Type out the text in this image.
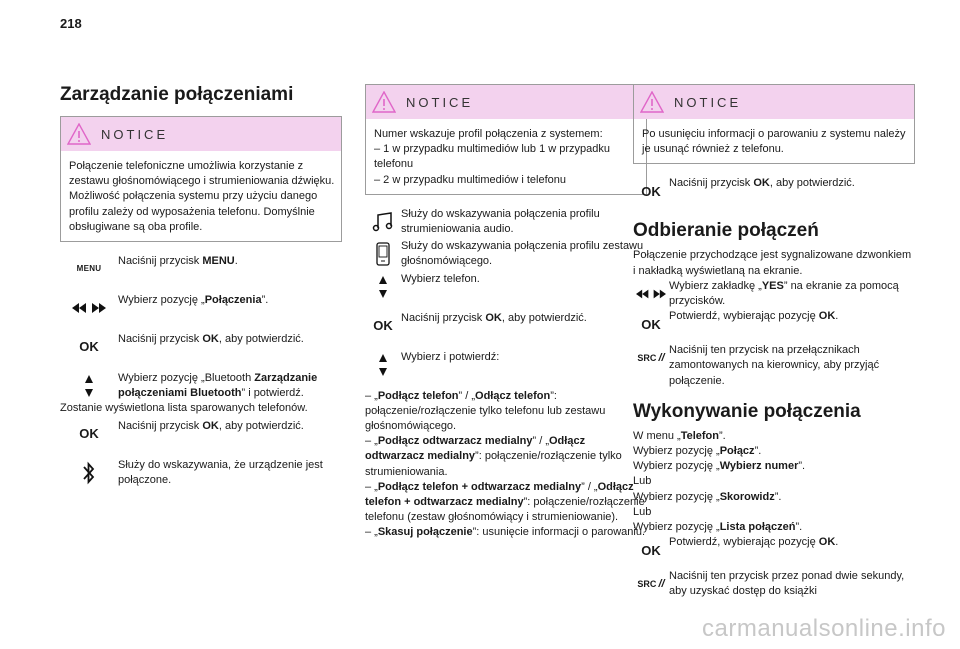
218
Zarządzanie połączeniami
NOTICE
Połączenie telefoniczne umożliwia korzystanie z zestawu głośnomówiącego i strumieniowania dźwięku.
Możliwość połączenia systemu przy użyciu danego profilu zależy od wyposażenia telefonu. Domyślnie obsługiwane są oba profile.
MENU
Naciśnij przycisk MENU.
Wybierz pozycję „Połączenia”.
OK
Naciśnij przycisk OK, aby potwierdzić.
Wybierz pozycję „Bluetooth Zarządzanie połączeniami Bluetooth” i potwierdź.
Zostanie wyświetlona lista sparowanych telefonów.
OK
Naciśnij przycisk OK, aby potwierdzić.
Służy do wskazywania, że urządzenie jest połączone.
NOTICE
Numer wskazuje profil połączenia z systemem:
– 1 w przypadku multimediów lub 1 w przypadku telefonu
– 2 w przypadku multimediów i telefonu
Służy do wskazywania połączenia profilu strumieniowania audio.
Służy do wskazywania połączenia profilu zestawu głośnomówiącego.
Wybierz telefon.
OK
Naciśnij przycisk OK, aby potwierdzić.
Wybierz i potwierdź:
– „Podłącz telefon” / „Odłącz telefon”: połączenie/rozłączenie tylko telefonu lub zestawu głośnomówiącego.
– „Podłącz odtwarzacz medialny” / „Odłącz odtwarzacz medialny”: połączenie/rozłączenie tylko strumieniowania.
– „Podłącz telefon + odtwarzacz medialny” / „Odłącz telefon + odtwarzacz medialny”: połączenie/rozłączenie telefonu (zestaw głośnomówiący i strumieniowanie).
– „Skasuj połączenie”: usunięcie informacji o parowaniu.
NOTICE
Po usunięciu informacji o parowaniu z systemu należy je usunąć również z telefonu.
OK
Naciśnij przycisk OK, aby potwierdzić.
Odbieranie połączeń
Połączenie przychodzące jest sygnalizowane dzwonkiem i nakładką wyświetlaną na ekranie.
Wybierz zakładkę „YES” na ekranie za pomocą przycisków.
OK
Potwierdź, wybierając pozycję OK.
SRC //
Naciśnij ten przycisk na przełącznikach zamontowanych na kierownicy, aby przyjąć połączenie.
Wykonywanie połączenia
W menu „Telefon”.
Wybierz pozycję „Połącz”.
Wybierz pozycję „Wybierz numer”.
Lub
Wybierz pozycję „Skorowidz”.
Lub
Wybierz pozycję „Lista połączeń”.
OK
Potwierdź, wybierając pozycję OK.
SRC //
Naciśnij ten przycisk przez ponad dwie sekundy, aby uzyskać dostęp do książki
carmanualsonline.info
